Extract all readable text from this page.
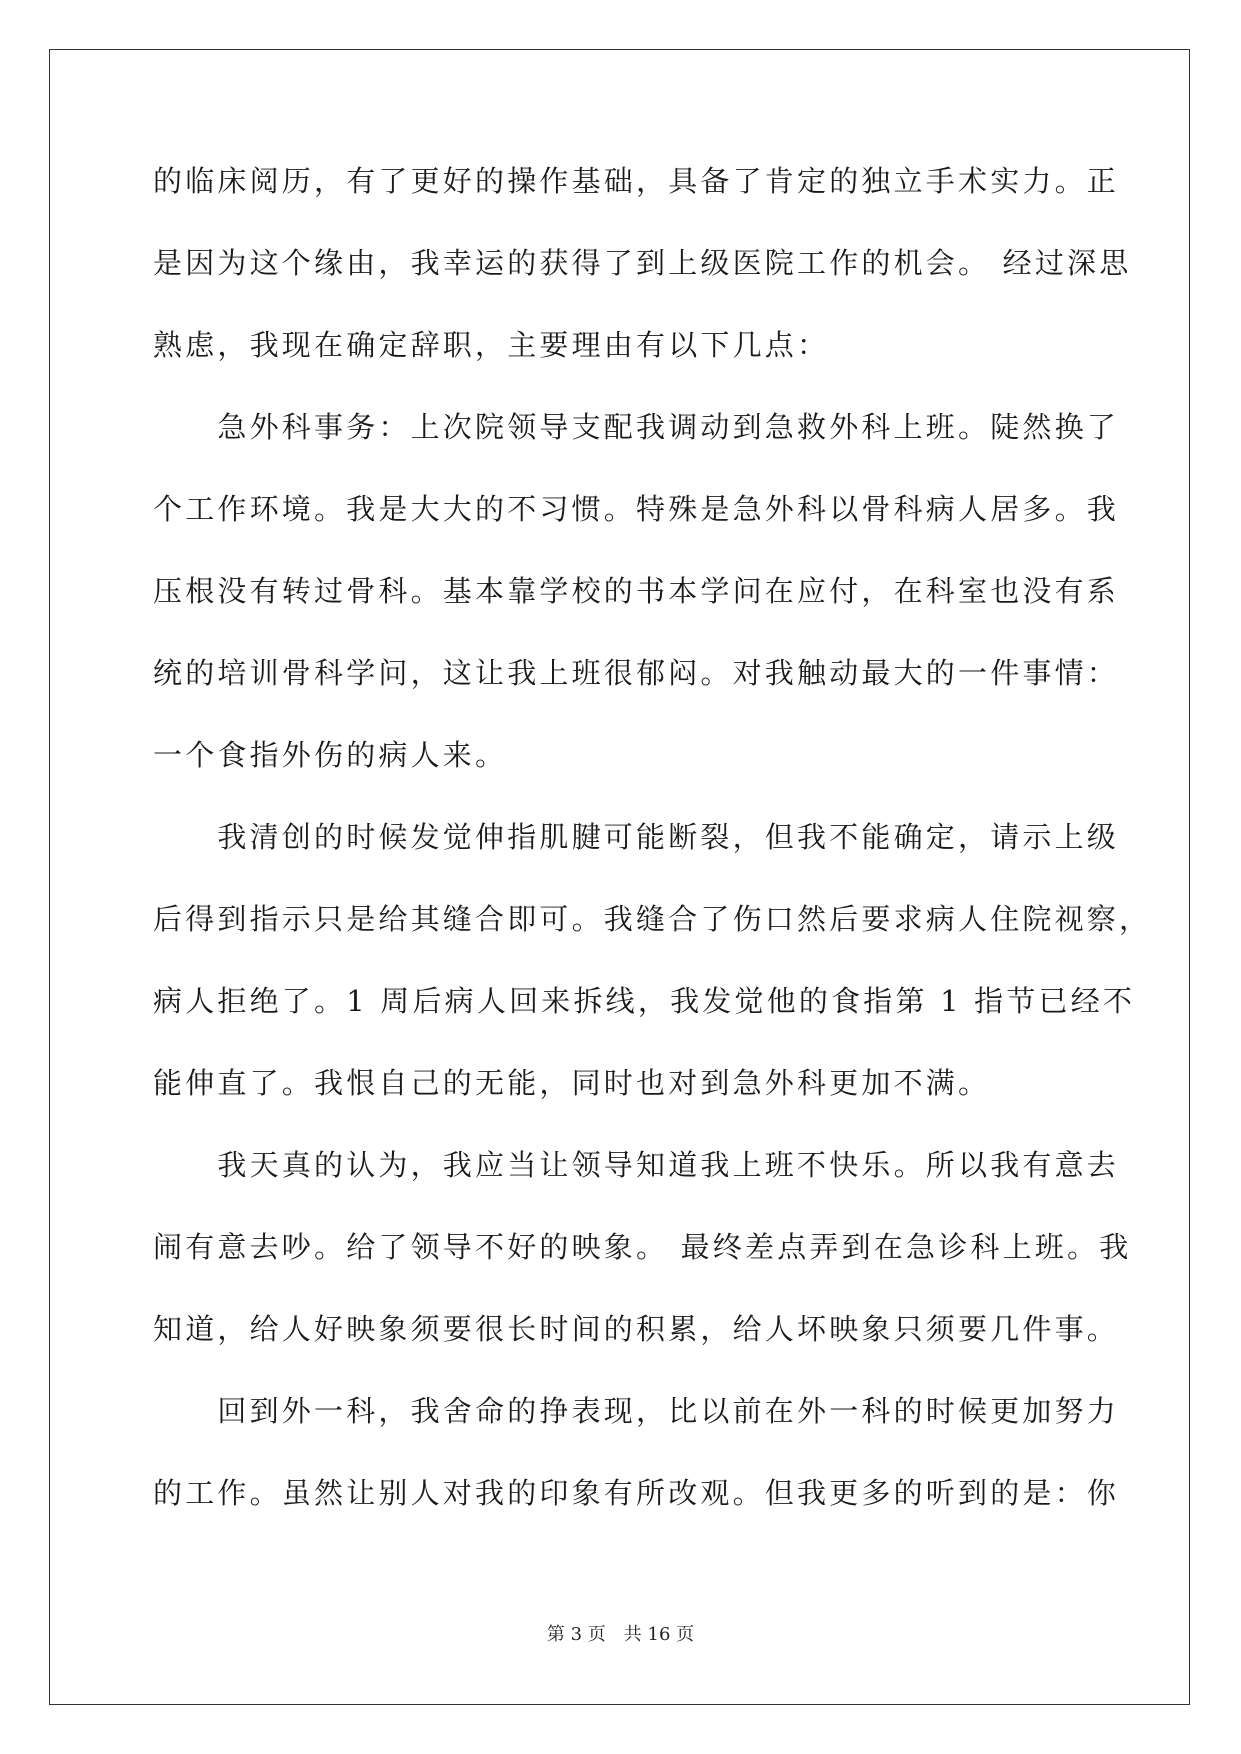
的临床阅历，有了更好的操作基础，具备了肯定的独立手术实力。正
是因为这个缘由，我幸运的获得了到上级医院工作的机会。 经过深思
熟虑，我现在确定辞职，主要理由有以下几点：
　　急外科事务：上次院领导支配我调动到急救外科上班。陡然换了
个工作环境。我是大大的不习惯。特殊是急外科以骨科病人居多。我
压根没有转过骨科。基本靠学校的书本学问在应付，在科室也没有系
统的培训骨科学问，这让我上班很郁闷。对我触动最大的一件事情：
一个食指外伤的病人来。
　　我清创的时候发觉伸指肌腱可能断裂，但我不能确定，请示上级
后得到指示只是给其缝合即可。我缝合了伤口然后要求病人住院视察，
病人拒绝了。1 周后病人回来拆线，我发觉他的食指第 1 指节已经不
能伸直了。我恨自己的无能，同时也对到急外科更加不满。
　　我天真的认为，我应当让领导知道我上班不快乐。所以我有意去
闹有意去吵。给了领导不好的映象。 最终差点弄到在急诊科上班。我
知道，给人好映象须要很长时间的积累，给人坏映象只须要几件事。
　　回到外一科，我舍命的挣表现，比以前在外一科的时候更加努力
的工作。虽然让别人对我的印象有所改观。但我更多的听到的是：你
第 3 页　共 16 页
